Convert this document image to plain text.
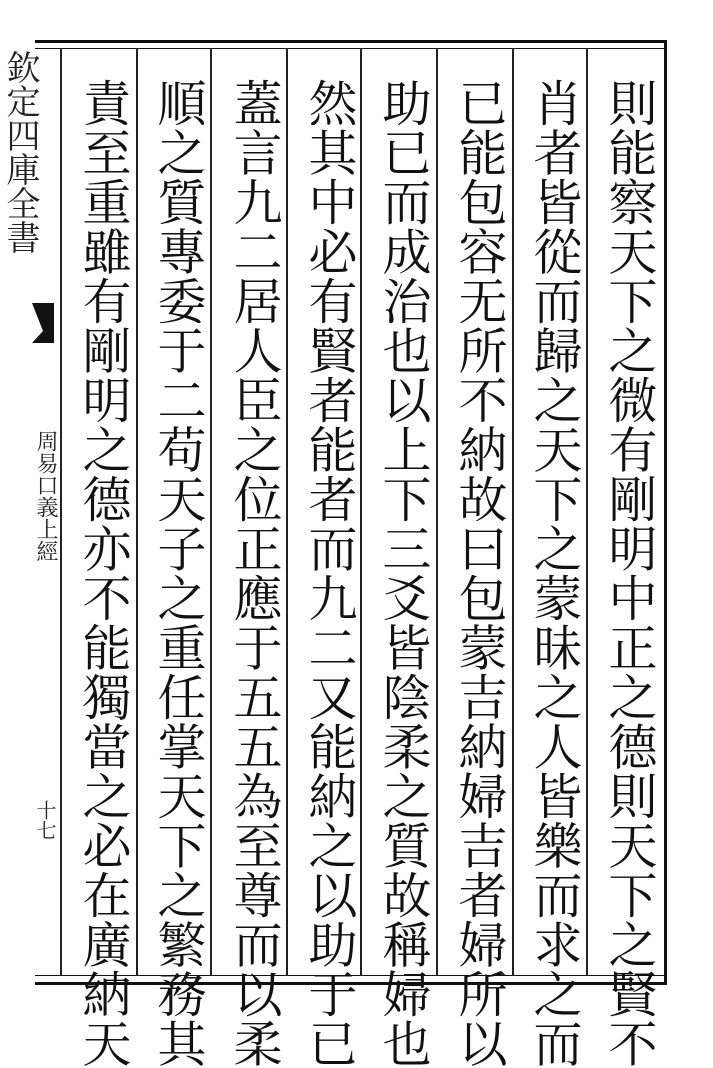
欽定四庫全書
周易口義上經
十七	則能察天下之微有剛明中正之德則天下之賢不
肖者皆從而歸之天下之蒙昧之人皆樂而求之而
已能包容无所不納故曰包蒙吉納婦吉者婦所以
助已而成治也以上下三爻皆陰柔之質故稱婦也
然其中必有賢者能者而九二又能納之以助于已
蓋言九二居人臣之位正應于五五為至尊而以柔
順之質專委于二苟天子之重任掌天下之繁務其
責至重雖有剛明之德亦不能獨當之必在廣納天
